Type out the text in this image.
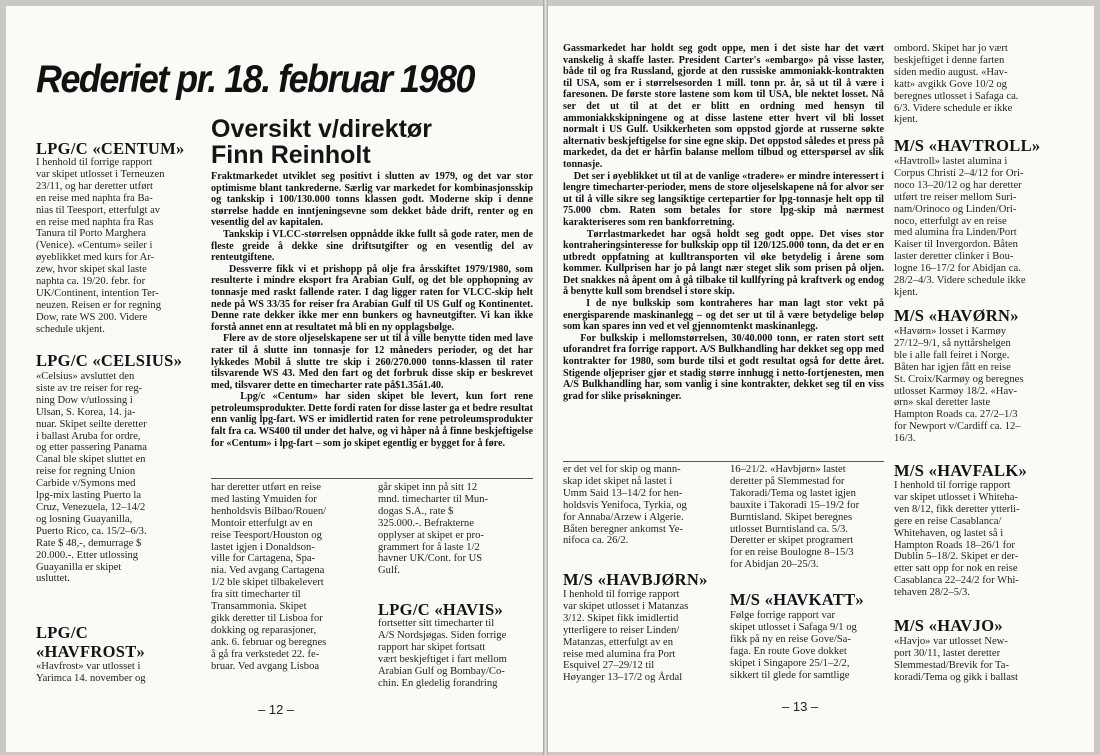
Rederiet pr. 18. februar 1980
Oversikt v/direktør
Finn Reinholt
LPG/C «CENTUM»
I henhold til forrige rapport
var skipet utlosset i Terneuzen
23/11, og har deretter utført
en reise med naphta fra Ba-
nias til Teesport, etterfulgt av
en reise med naphta fra Ras
Tanura til Porto Marghera
(Venice). «Centum» seiler i
øyeblikket med kurs for Ar-
zew, hvor skipet skal laste
naphta ca. 19/20. febr. for
UK/Continent, intention Ter-
neuzen. Reisen er for regning
Dow, rate WS 200. Videre
schedule ukjent.
LPG/C «CELSIUS»
«Celsius» avsluttet den
siste av tre reiser for reg-
ning Dow v/utlossing i
Ulsan, S. Korea, 14. ja-
nuar. Skipet seilte deretter
i ballast Aruba for ordre,
og etter passering Panama
Canal ble skipet sluttet en
reise for regning Union
Carbide v/Symons med
lpg-mix lasting Puerto la
Cruz, Venezuela, 12–14/2
og losning Guayanilla,
Puerto Rico, ca. 15/2–6/3.
Rate $ 48,-, demurrage $
20.000.-. Etter utlossing
Guayanilla er skipet
usluttet.
LPG/C
«HAVFROST»
«Havfrost» var utlosset i
Yarimca 14. november og
Fraktmarkedet utviklet seg positivt i slutten av 1979, og det var stor optimisme blant tankrederne. Særlig var markedet for kombinasjonsskip og tankskip i 100/130.000 tonns klassen godt. Moderne skip i denne størrelse hadde en inntjeningsevne som dekket både drift, renter og en vesentlig del av kapitalen.
Tankskip i VLCC-størrelsen oppnådde ikke fullt så gode rater, men de fleste greide å dekke sine driftsutgifter og en vesentlig del av renteutgiftene.
Dessverre fikk vi et prishopp på olje fra årsskiftet 1979/1980, som resulterte i mindre eksport fra Arabian Gulf, og det ble opphopning av tonnasje med raskt fallende rater. I dag ligger raten for VLCC-skip helt nede på WS 33/35 for reiser fra Arabian Gulf til US Gulf og Kontinentet. Denne rate dekker ikke mer enn bunkers og havneutgifter. Vi kan ikke forstå annet enn at resultatet må bli en ny opplagsbølge.
Flere av de store oljeselskapene ser ut til å ville benytte tiden med lave rater til å slutte inn tonnasje for 12 måneders perioder, og det har lykkedes Mobil å slutte tre skip i 260/270.000 tonns-klassen til rater tilsvarende WS 43. Med den fart og det forbruk disse skip er beskrevet med, tilsvarer dette en timecharter rate på$1.35á1.40.
Lpg/c «Centum» har siden skipet ble levert, kun fort rene petroleumsprodukter. Dette fordi raten for disse laster ga et bedre resultat enn vanlig lpg-fart. WS er imidlertid raten for rene petroleumsprodukter falt fra ca. WS400 til under det halve, og vi håper nå å finne beskjeftigelse for «Centum» i lpg-fart – som jo skipet egentlig er bygget for å føre.
har deretter utført en reise
med lasting Ymuiden for
henholdsvis Bilbao/Rouen/
Montoir etterfulgt av en
reise Teesport/Houston og
lastet igjen i Donaldson-
ville for Cartagena, Spa-
nia. Ved avgang Cartagena
1/2 ble skipet tilbakelevert
fra sitt timecharter til
Transammonia. Skipet
gikk deretter til Lisboa for
dokking og reparasjoner,
ank. 6. februar og beregnes
å gå fra verkstedet 22. fe-
bruar. Ved avgang Lisboa
går skipet inn på sitt 12
mnd. timecharter til Mun-
dogas S.A., rate $
325.000.-. Befrakterne
opplyser at skipet er pro-
grammert for å laste 1/2
havner UK/Cont. for US
Gulf.
LPG/C «HAVIS»
fortsetter sitt timecharter til
A/S Nordsjøgas. Siden forrige
rapport har skipet fortsatt
vært beskjeftiget i fart mellom
Arabian Gulf og Bombay/Co-
chin. En gledelig forandring
– 12 –
Gassmarkedet har holdt seg godt oppe, men i det siste har det vært vanskelig å skaffe laster. President Carter's «embargo» på visse laster, både til og fra Russland, gjorde at den russiske ammoniakk-kontrakten til USA, som er i størrelsesorden 1 mill. tonn pr. år, så ut til å være i faresonen. De første store lastene som kom til USA, ble nektet losset. Nå ser det ut til at det er blitt en ordning med hensyn til ammoniakkskipningene og at disse lastene etter hvert vil bli losset normalt i US Gulf. Usikkerheten som oppstod gjorde at russerne søkte alternativ beskjeftigelse for sine egne skip. Det oppstod således et press på markedet, da det er hårfin balanse mellom tilbud og etterspørsel av slik tonnasje.
Det ser i øyeblikket ut til at de vanlige «tradere» er mindre interessert i lengre timecharter-perioder, mens de store oljeselskapene nå for alvor ser ut til å ville sikre seg langsiktige certepartier for lpg-tonnasje helt opp til 75.000 cbm. Raten som betales for store lpg-skip må nærmest karakteriseres som ren bankforretning.
Tørrlastmarkedet har også holdt seg godt oppe. Det vises stor kontraheringsinteresse for bulkskip opp til 120/125.000 tonn, da det er en utbredt oppfatning at kulltransporten vil øke betydelig i årene som kommer. Kullprisen har jo på langt nær steget slik som prisen på oljen. Det snakkes nå åpent om å gå tilbake til kullfyring på kraftverk og endog å benytte kull som brendsel i store skip.
I de nye bulkskip som kontraheres har man lagt stor vekt på energisparende maskinanlegg – og det ser ut til å være betydelige beløp som kan spares inn ved et vel gjennomtenkt maskinanlegg.
For bulkskip i mellomstørrelsen, 30/40.000 tonn, er raten stort sett uforandret fra forrige rapport. A/S Bulkhandling har dekket seg opp med kontrakter for 1980, som burde tilsi et godt resultat også for dette året. Stigende oljepriser gjør et stadig større innhugg i netto-fortjenesten, men A/S Bulkhandling har, som vanlig i sine kontrakter, dekket seg til en viss grad for slike prisøkninger.
er det vel for skip og mann-
skap idet skipet nå lastet i
Umm Said 13–14/2 for hen-
holdsvis Yenifoca, Tyrkia, og
for Annaba/Arzew i Algerie.
Båten beregner ankomst Ye-
nifoca ca. 26/2.
M/S «HAVBJØRN»
I henhold til forrige rapport
var skipet utlosset i Matanzas
3/12. Skipet fikk imidlertid
ytterligere to reiser Linden/
Matanzas, etterfulgt av en
reise med alumina fra Port
Esquivel 27–29/12 til
Høyanger 13–17/2 og Årdal
16–21/2. «Havbjørn» lastet
deretter på Slemmestad for
Takoradi/Tema og lastet igjen
bauxite i Takoradi 15–19/2 for
Burntisland. Skipet beregnes
utlosset Burntisland ca. 5/3.
Deretter er skipet programert
for en reise Boulogne 8–15/3
for Abidjan 20–25/3.
M/S «HAVKATT»
Følge forrige rapport var
skipet utlosset i Safaga 9/1 og
fikk på ny en reise Gove/Sa-
faga. En route Gove dokket
skipet i Singapore 25/1–2/2,
sikkert til glede for samtlige
ombord. Skipet har jo vært
beskjeftiget i denne farten
siden medio august. «Hav-
katt» avgikk Gove 10/2 og
beregnes utlosset i Safaga ca.
6/3. Videre schedule er ikke
kjent.
M/S «HAVTROLL»
«Havtroll» lastet alumina i
Corpus Christi 2–4/12 for Ori-
noco 13–20/12 og har deretter
utført tre reiser mellom Suri-
nam/Orinoco og Linden/Ori-
noco, etterfulgt av en reise
med alumina fra Linden/Port
Kaiser til Invergordon. Båten
laster deretter clinker i Bou-
logne 16–17/2 for Abidjan ca.
28/2–4/3. Videre schedule ikke
kjent.
M/S «HAVØRN»
«Havørn» losset i Karmøy
27/12–9/1, så nyttårshelgen
ble i alle fall feiret i Norge.
Båten har igjen fått en reise
St. Croix/Karmøy og beregnes
utlosset Karmøy 18/2. «Hav-
ørn» skal deretter laste
Hampton Roads ca. 27/2–1/3
for Newport v/Cardiff ca. 12–
16/3.
M/S «HAVFALK»
I henhold til forrige rapport
var skipet utlosset i Whiteha-
ven 8/12, fikk deretter ytterli-
gere en reise Casablanca/
Whitehaven, og lastet så i
Hampton Roads 18–26/1 for
Dublin 5–18/2. Skipet er der-
etter satt opp for nok en reise
Casablanca 22–24/2 for Whi-
tehaven 28/2–5/3.
M/S «HAVJO»
«Havjo» var utlosset New-
port 30/11, lastet deretter
Slemmestad/Brevik for Ta-
koradi/Tema og gikk i ballast
– 13 –
